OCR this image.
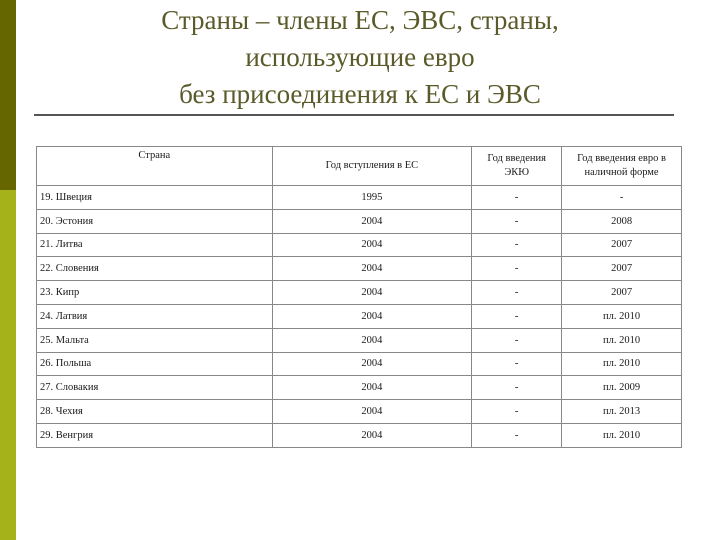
Страны – члены ЕС, ЭВС, страны,
использующие евро
без присоединения к ЕС и ЭВС
Страна	Год вступления в ЕС	Год введения ЭКЮ	Год введения евро в наличной форме
19. Швеция	1995	-	-
20. Эстония	2004	-	2008
21. Литва	2004	-	2007
22. Словения	2004	-	2007
23. Кипр	2004	-	2007
24. Латвия	2004	-	пл. 2010
25. Мальта	2004	-	пл. 2010
26. Польша	2004	-	пл. 2010
27. Словакия	2004	-	пл. 2009
28. Чехия	2004	-	пл. 2013
29. Венгрия	2004	-	пл. 2010
